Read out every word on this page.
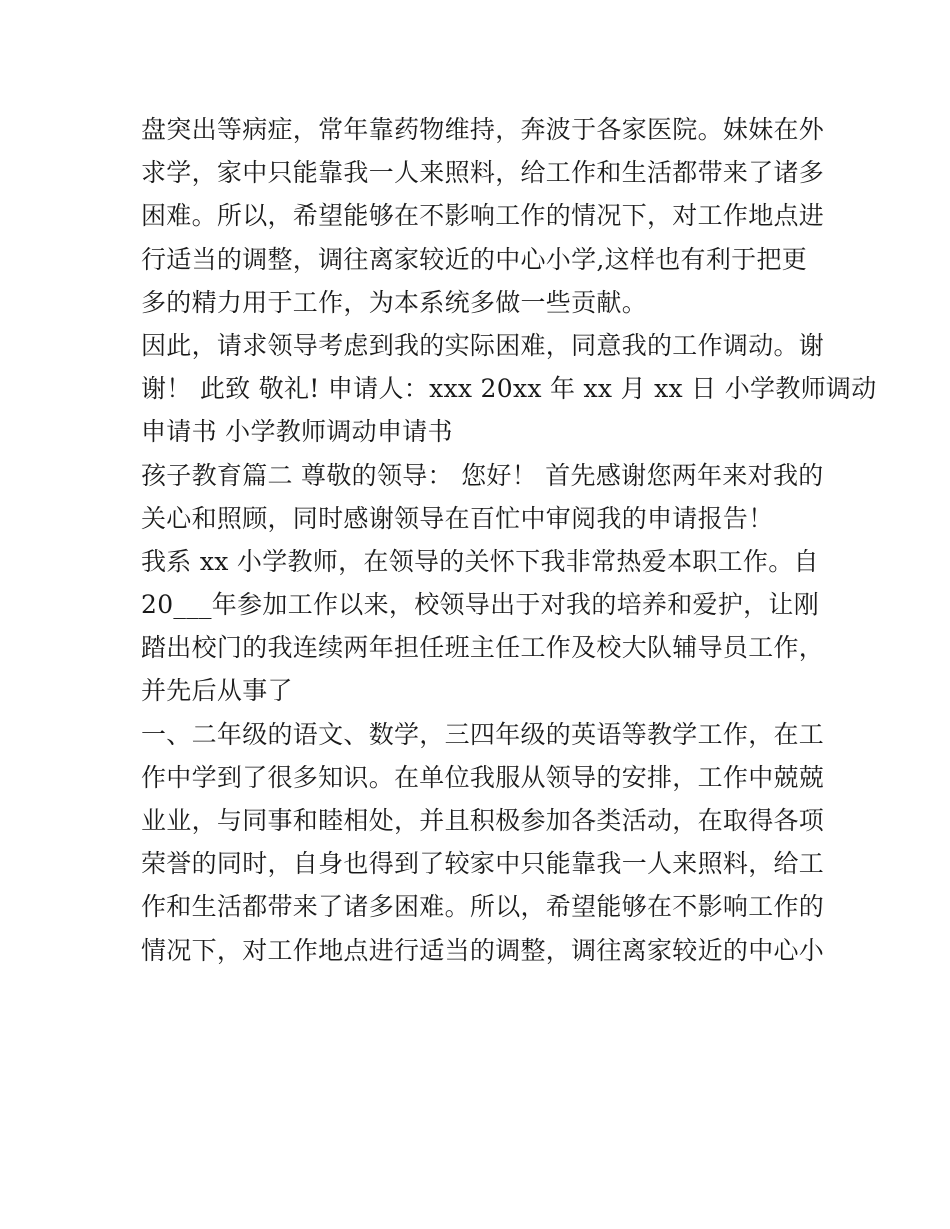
盘突出等病症，常年靠药物维持，奔波于各家医院。妹妹在外
求学，家中只能靠我一人来照料，给工作和生活都带来了诸多
困难。所以，希望能够在不影响工作的情况下，对工作地点进
行适当的调整，调往离家较近的中心小学,这样也有利于把更
多的精力用于工作，为本系统多做一些贡献。
因此，请求领导考虑到我的实际困难，同意我的工作调动。谢
谢！ 此致 敬礼! 申请人：xxx 20xx 年 xx 月 xx 日 小学教师调动
申请书 小学教师调动申请书
孩子教育篇二 尊敬的领导： 您好！ 首先感谢您两年来对我的
关心和照顾，同时感谢领导在百忙中审阅我的申请报告！
我系 xx 小学教师，在领导的关怀下我非常热爱本职工作。自
20___年参加工作以来，校领导出于对我的培养和爱护，让刚
踏出校门的我连续两年担任班主任工作及校大队辅导员工作，
并先后从事了
一、二年级的语文、数学，三四年级的英语等教学工作，在工
作中学到了很多知识。在单位我服从领导的安排，工作中兢兢
业业，与同事和睦相处，并且积极参加各类活动，在取得各项
荣誉的同时，自身也得到了较家中只能靠我一人来照料，给工
作和生活都带来了诸多困难。所以，希望能够在不影响工作的
情况下，对工作地点进行适当的调整，调往离家较近的中心小
